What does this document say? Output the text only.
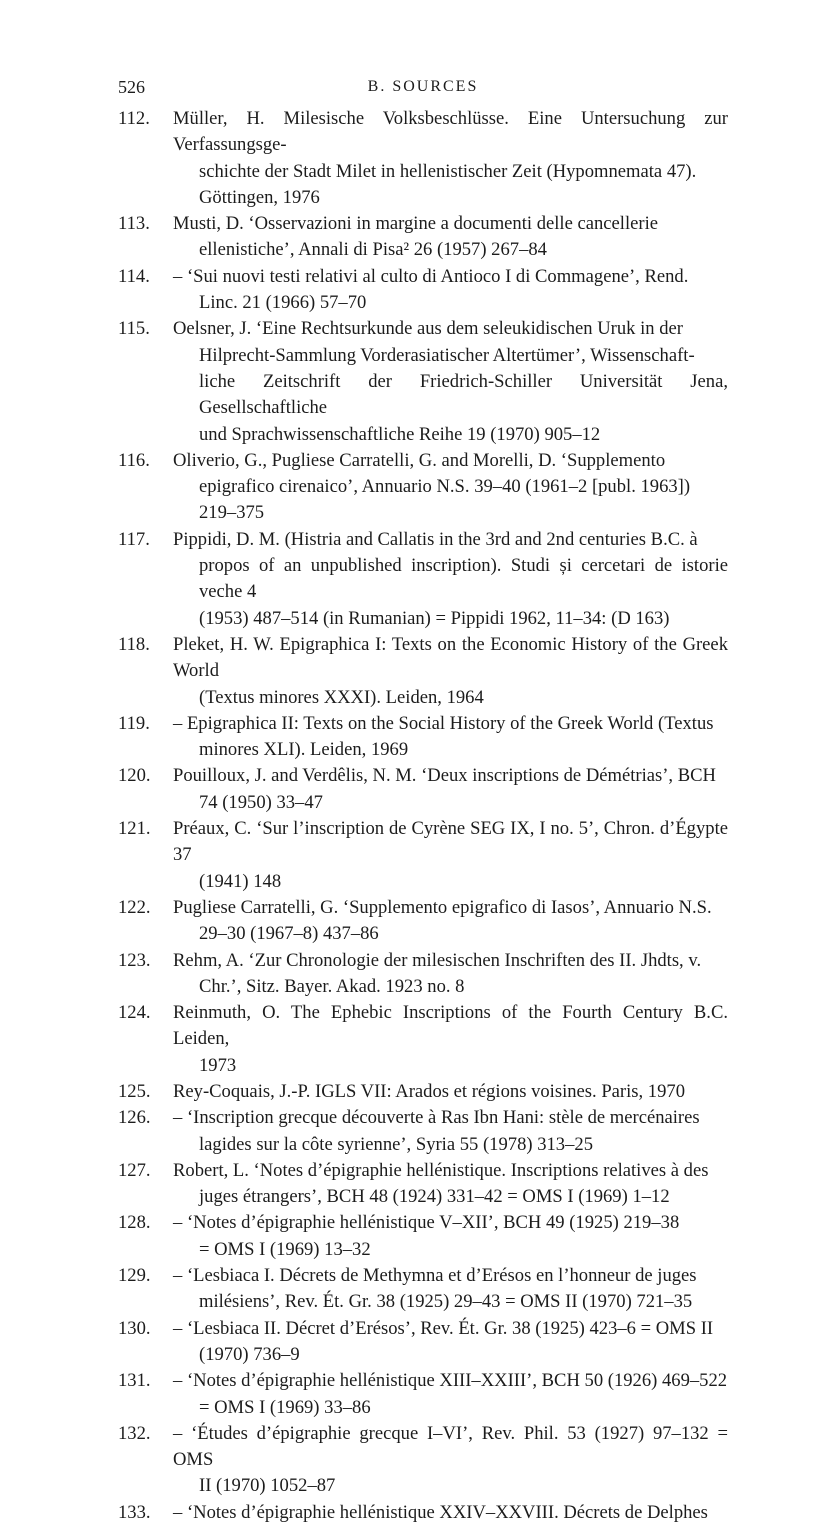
526	B. SOURCES
112. Müller, H. Milesische Volksbeschlüsse. Eine Untersuchung zur Verfassungsge-
schichte der Stadt Milet in hellenistischer Zeit (Hypomnemata 47).
Göttingen, 1976
113. Musti, D. ‘Osservazioni in margine a documenti delle cancellerie
ellenistiche’, Annali di Pisa² 26 (1957) 267–84
114. – ‘Sui nuovi testi relativi al culto di Antioco I di Commagene’, Rend.
Linc. 21 (1966) 57–70
115. Oelsner, J. ‘Eine Rechtsurkunde aus dem seleukidischen Uruk in der
Hilprecht-Sammlung Vorderasiatischer Altertümer’, Wissenschaft-
liche Zeitschrift der Friedrich-Schiller Universität Jena, Gesellschaftliche
und Sprachwissenschaftliche Reihe 19 (1970) 905–12
116. Oliverio, G., Pugliese Carratelli, G. and Morelli, D. ‘Supplemento
epigrafico cirenaico’, Annuario N.S. 39–40 (1961–2 [publ. 1963])
219–375
117. Pippidi, D. M. (Histria and Callatis in the 3rd and 2nd centuries B.C. à
propos of an unpublished inscription). Studi și cercetari de istorie veche 4
(1953) 487–514 (in Rumanian) = Pippidi 1962, 11–34: (D 163)
118. Pleket, H. W. Epigraphica I: Texts on the Economic History of the Greek World
(Textus minores XXXI). Leiden, 1964
119. – Epigraphica II: Texts on the Social History of the Greek World (Textus
minores XLI). Leiden, 1969
120. Pouilloux, J. and Verdêlis, N. M. ‘Deux inscriptions de Démétrias’, BCH
74 (1950) 33–47
121. Préaux, C. ‘Sur l’inscription de Cyrène SEG IX, I no. 5’, Chron. d’Égypte 37
(1941) 148
122. Pugliese Carratelli, G. ‘Supplemento epigrafico di Iasos’, Annuario N.S.
29–30 (1967–8) 437–86
123. Rehm, A. ‘Zur Chronologie der milesischen Inschriften des II. Jhdts, v.
Chr.’, Sitz. Bayer. Akad. 1923 no. 8
124. Reinmuth, O. The Ephebic Inscriptions of the Fourth Century B.C. Leiden,
1973
125. Rey-Coquais, J.-P. IGLS VII: Arados et régions voisines. Paris, 1970
126. – ‘Inscription grecque découverte à Ras Ibn Hani: stèle de mercénaires
lagides sur la côte syrienne’, Syria 55 (1978) 313–25
127. Robert, L. ‘Notes d’épigraphie hellénistique. Inscriptions relatives à des
juges étrangers’, BCH 48 (1924) 331–42 = OMS I (1969) 1–12
128. – ‘Notes d’épigraphie hellénistique V–XII’, BCH 49 (1925) 219–38
= OMS I (1969) 13–32
129. – ‘Lesbiaca I. Décrets de Methymna et d’Erésos en l’honneur de juges
milésiens’, Rev. Ét. Gr. 38 (1925) 29–43 = OMS II (1970) 721–35
130. – ‘Lesbiaca II. Décret d’Erésos’, Rev. Ét. Gr. 38 (1925) 423–6 = OMS II
(1970) 736–9
131. – ‘Notes d’épigraphie hellénistique XIII–XXIII’, BCH 50 (1926) 469–522
= OMS I (1969) 33–86
132. – ‘Études d’épigraphie grecque I–VI’, Rev. Phil. 53 (1927) 97–132 = OMS
II (1970) 1052–87
133. – ‘Notes d’épigraphie hellénistique XXIV–XXVIII. Décrets de Delphes
